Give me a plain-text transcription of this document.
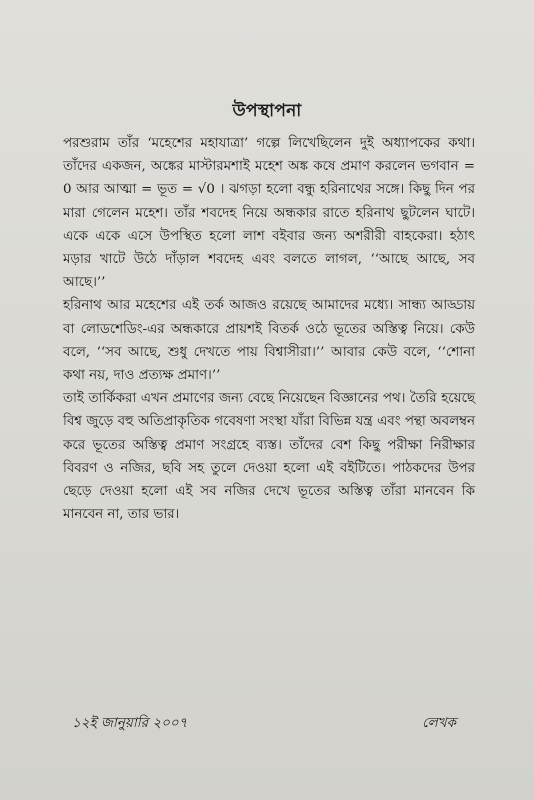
উপস্থাপনা

পরশুরাম তাঁর ‘মহেশের মহাযাত্রা’ গল্পে লিখেছিলেন দুই অধ্যাপকের কথা। তাঁদের একজন, অঙ্কের মাস্টারমশাই মহেশ অঙ্ক কষে প্রমাণ করলেন ভগবান = 0 আর আত্মা = ভূত = √0 । ঝগড়া হলো বন্ধু হরিনাথের সঙ্গে। কিছু দিন পর মারা গেলেন মহেশ। তাঁর শবদেহ নিয়ে অন্ধকার রাতে হরিনাথ ছুটলেন ঘাটে। একে একে এসে উপস্থিত হলো লাশ বইবার জন্য অশরীরী বাহকেরা। হঠাৎ মড়ার খাটে উঠে দাঁড়াল শবদেহ এবং বলতে লাগল, ‘‘আছে আছে, সব আছে।’’

হরিনাথ আর মহেশের এই তর্ক আজও রয়েছে আমাদের মধ্যে। সান্ধ্য আড্ডায় বা লোডশেডিং-এর অন্ধকারে প্রায়শই বিতর্ক ওঠে ভূতের অস্তিত্ব নিয়ে। কেউ বলে, ‘‘সব আছে, শুধু দেখতে পায় বিশ্বাসীরা।’’ আবার কেউ বলে, ‘‘শোনা কথা নয়, দাও প্রত্যক্ষ প্রমাণ।’’

তাই তার্কিকরা এখন প্রমাণের জন্য বেছে নিয়েছেন বিজ্ঞানের পথ। তৈরি হয়েছে বিশ্ব জুড়ে বহু অতিপ্রাকৃতিক গবেষণা সংস্থা যাঁরা বিভিন্ন যন্ত্র এবং পন্থা অবলম্বন করে ভূতের অস্তিত্ব প্রমাণ সংগ্রহে ব্যস্ত। তাঁদের বেশ কিছু পরীক্ষা নিরীক্ষার বিবরণ ও নজির, ছবি সহ তুলে দেওয়া হলো এই বইটিতে। পাঠকদের উপর ছেড়ে দেওয়া হলো এই সব নজির দেখে ভূতের অস্তিত্ব তাঁরা মানবেন কি মানবেন না, তার ভার।

১২ই জানুয়ারি ২০০৭	লেখক
